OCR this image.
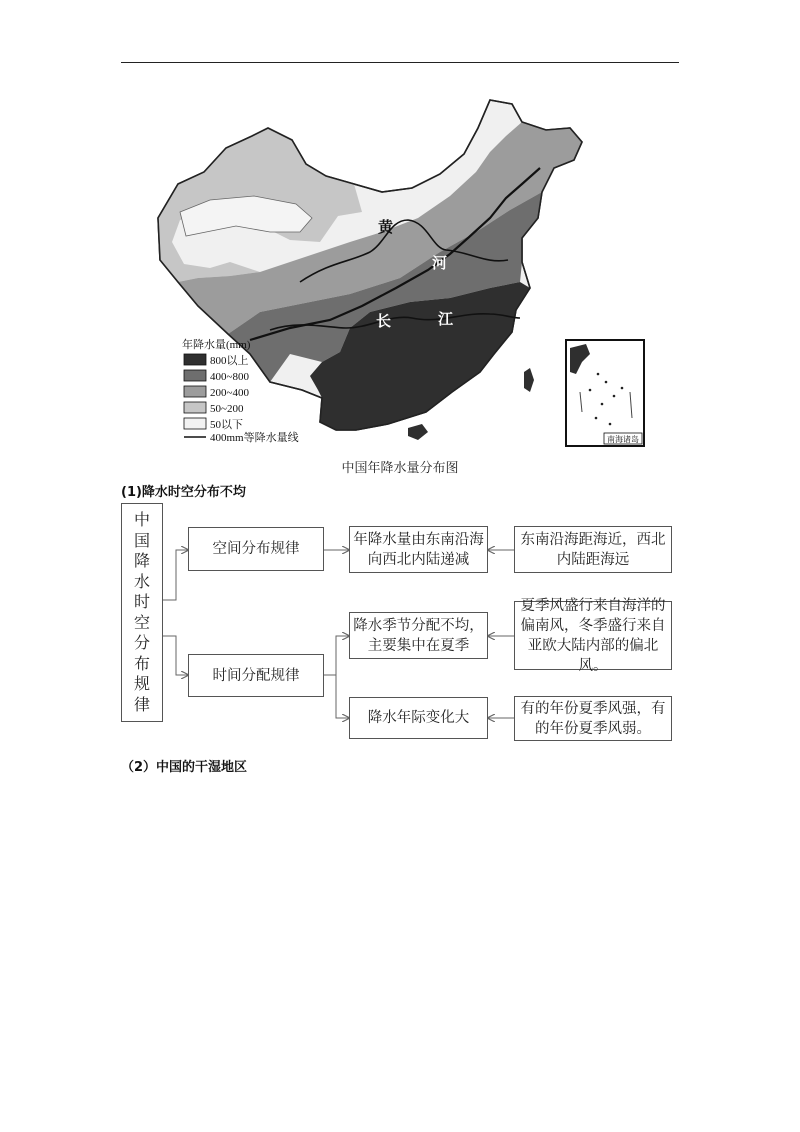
黄
河
长	江
年降水量(mm)
800以上
400~800
200~400
50~200
50以下
400mm等降水量线	南海诸岛
中国年降水量分布图
(1)降水时空分布不均
中
国
降
水
时
空
分
布
规
律
空间分布规律
年降水量由东南沿海
向西北内陆递减
东南沿海距海近，西北
内陆距海远
时间分配规律
降水季节分配不均，
主要集中在夏季
夏季风盛行来自海洋的
偏南风，冬季盛行来自
亚欧大陆内部的偏北风。
降水年际变化大
有的年份夏季风强，有
的年份夏季风弱。
（2）中国的干湿地区
